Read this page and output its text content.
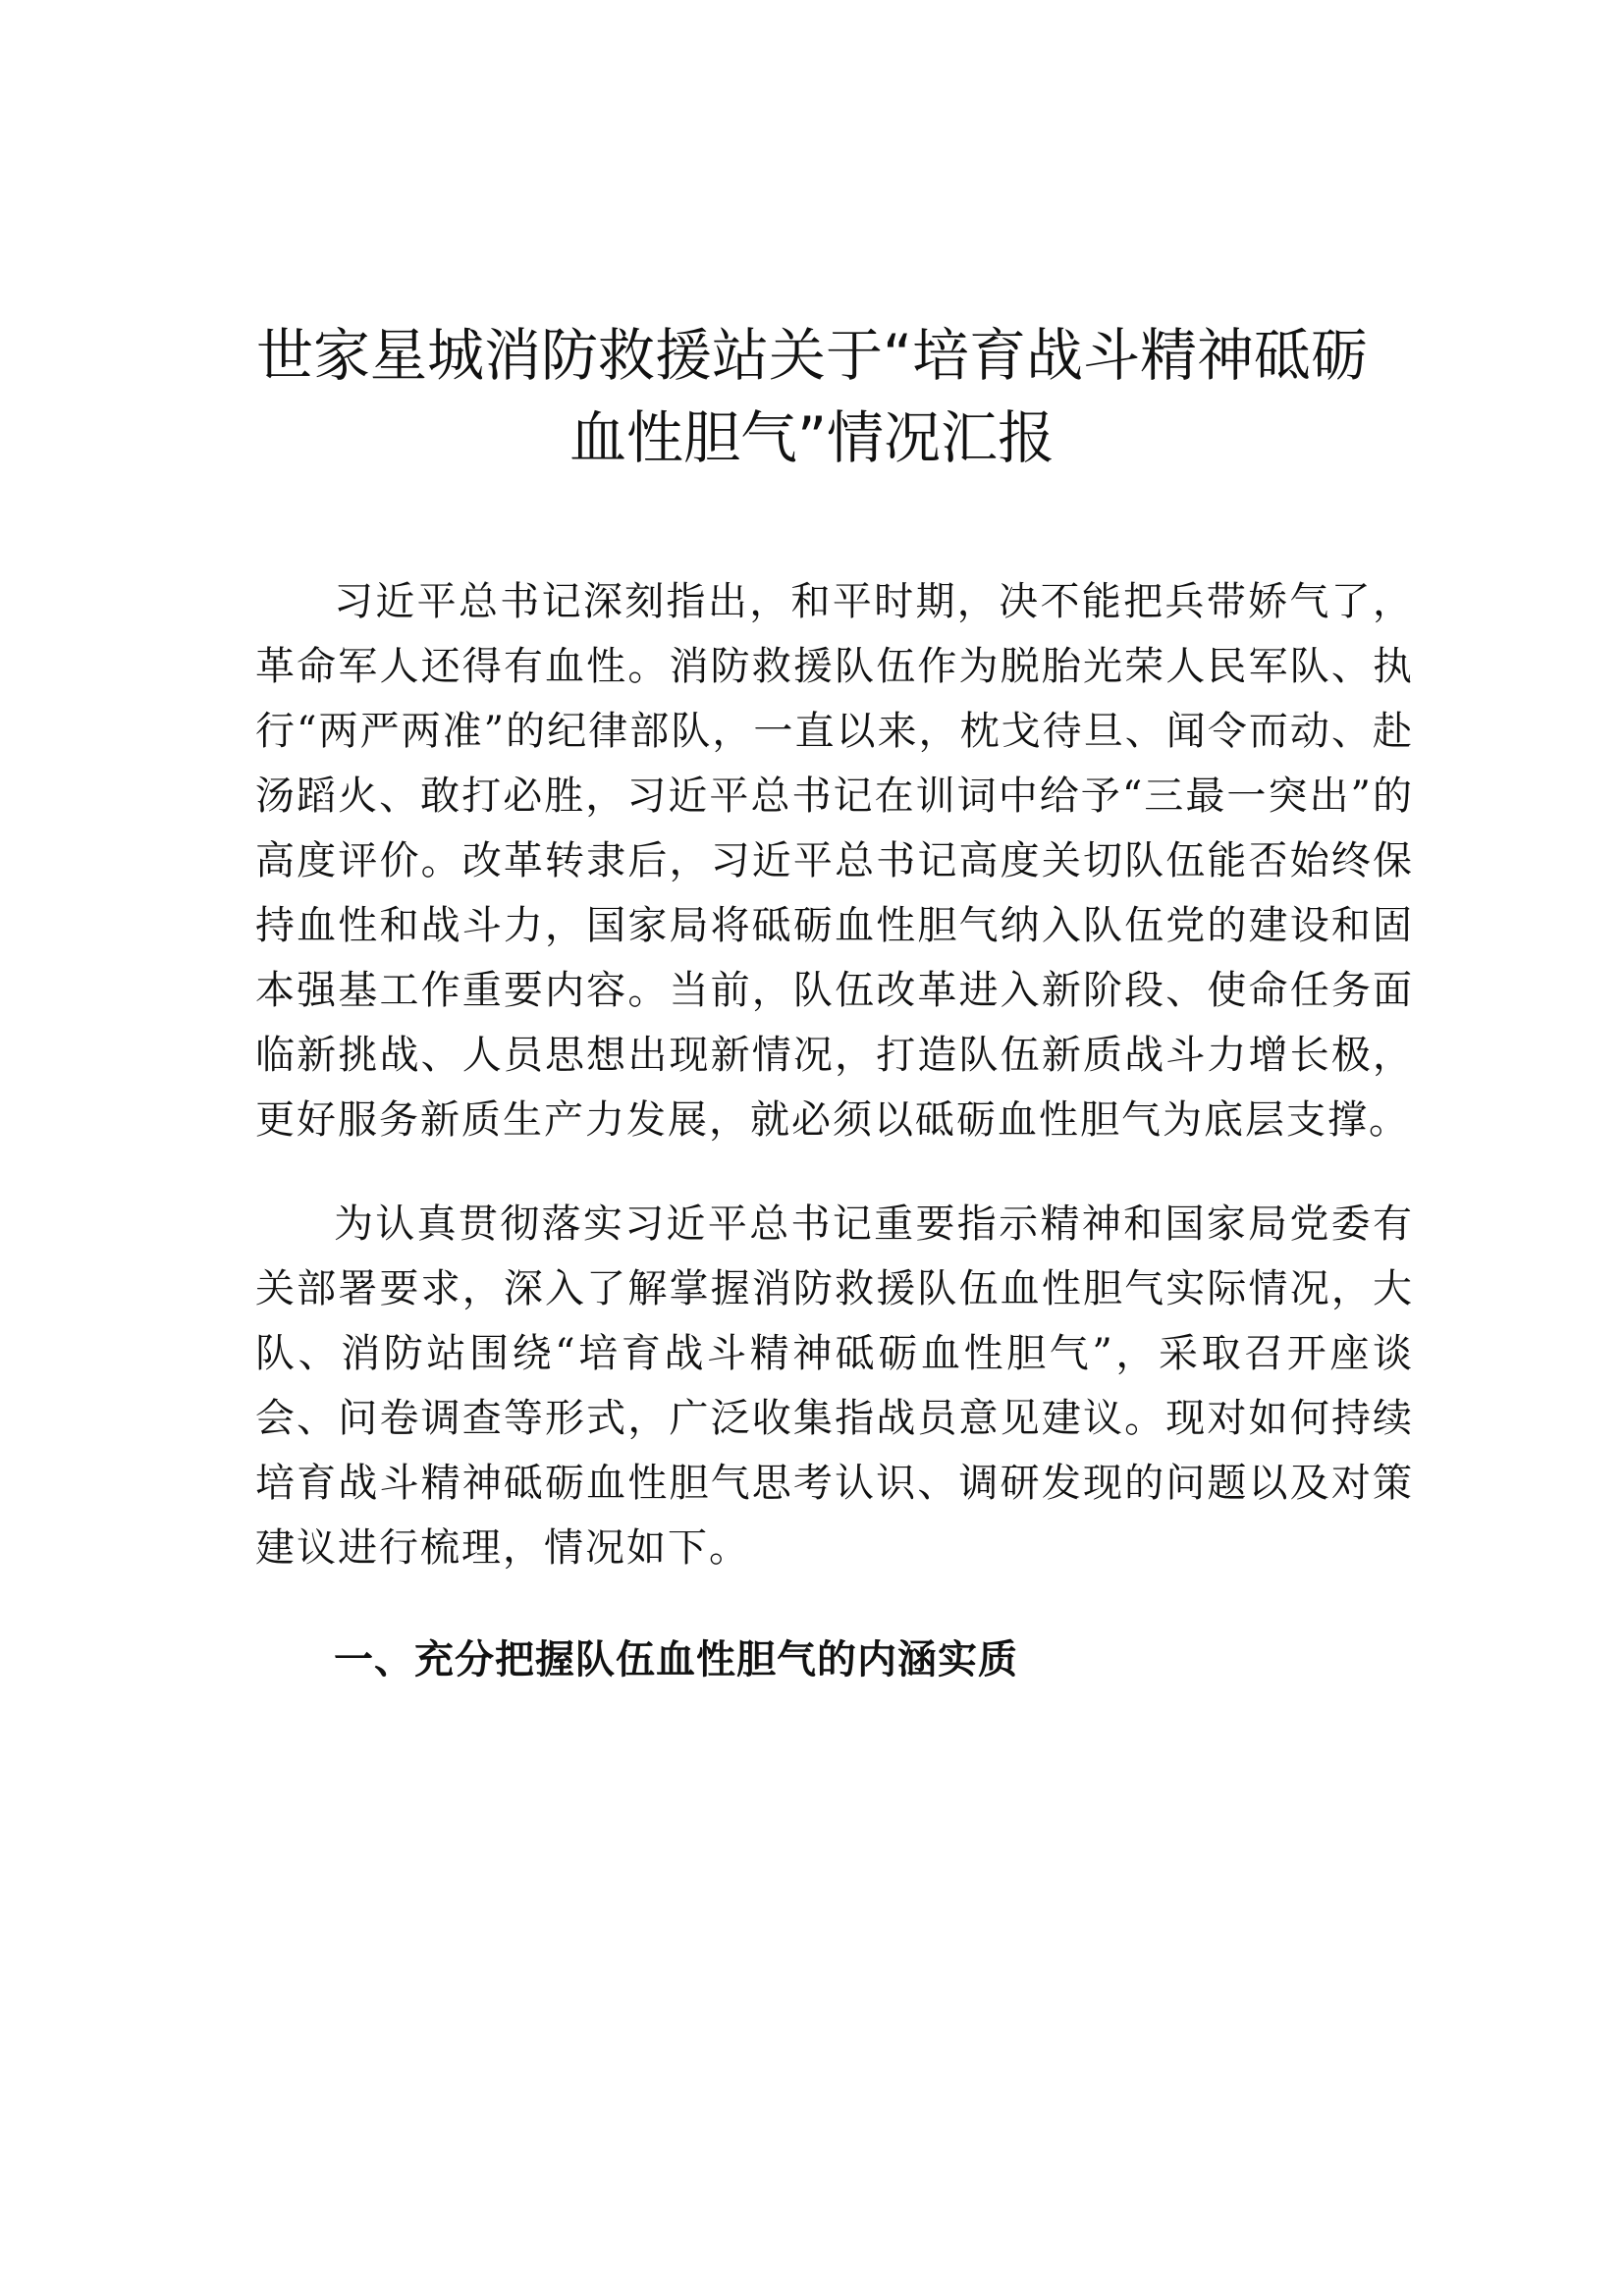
世家星城消防救援站关于“培育战斗精神砥砺
血性胆气”情况汇报

习近平总书记深刻指出，和平时期，决不能把兵带娇气了，革命军人还得有血性。消防救援队伍作为脱胎光荣人民军队、执行“两严两准”的纪律部队，一直以来，枕戈待旦、闻令而动、赴汤蹈火、敢打必胜，习近平总书记在训词中给予“三最一突出”的高度评价。改革转隶后，习近平总书记高度关切队伍能否始终保持血性和战斗力，国家局将砥砺血性胆气纳入队伍党的建设和固本强基工作重要内容。当前，队伍改革进入新阶段、使命任务面临新挑战、人员思想出现新情况，打造队伍新质战斗力增长极，更好服务新质生产力发展，就必须以砥砺血性胆气为底层支撑。

为认真贯彻落实习近平总书记重要指示精神和国家局党委有关部署要求，深入了解掌握消防救援队伍血性胆气实际情况，大队、消防站围绕“培育战斗精神砥砺血性胆气”，采取召开座谈会、问卷调查等形式，广泛收集指战员意见建议。现对如何持续培育战斗精神砥砺血性胆气思考认识、调研发现的问题以及对策建议进行梳理，情况如下。

一、充分把握队伍血性胆气的内涵实质
